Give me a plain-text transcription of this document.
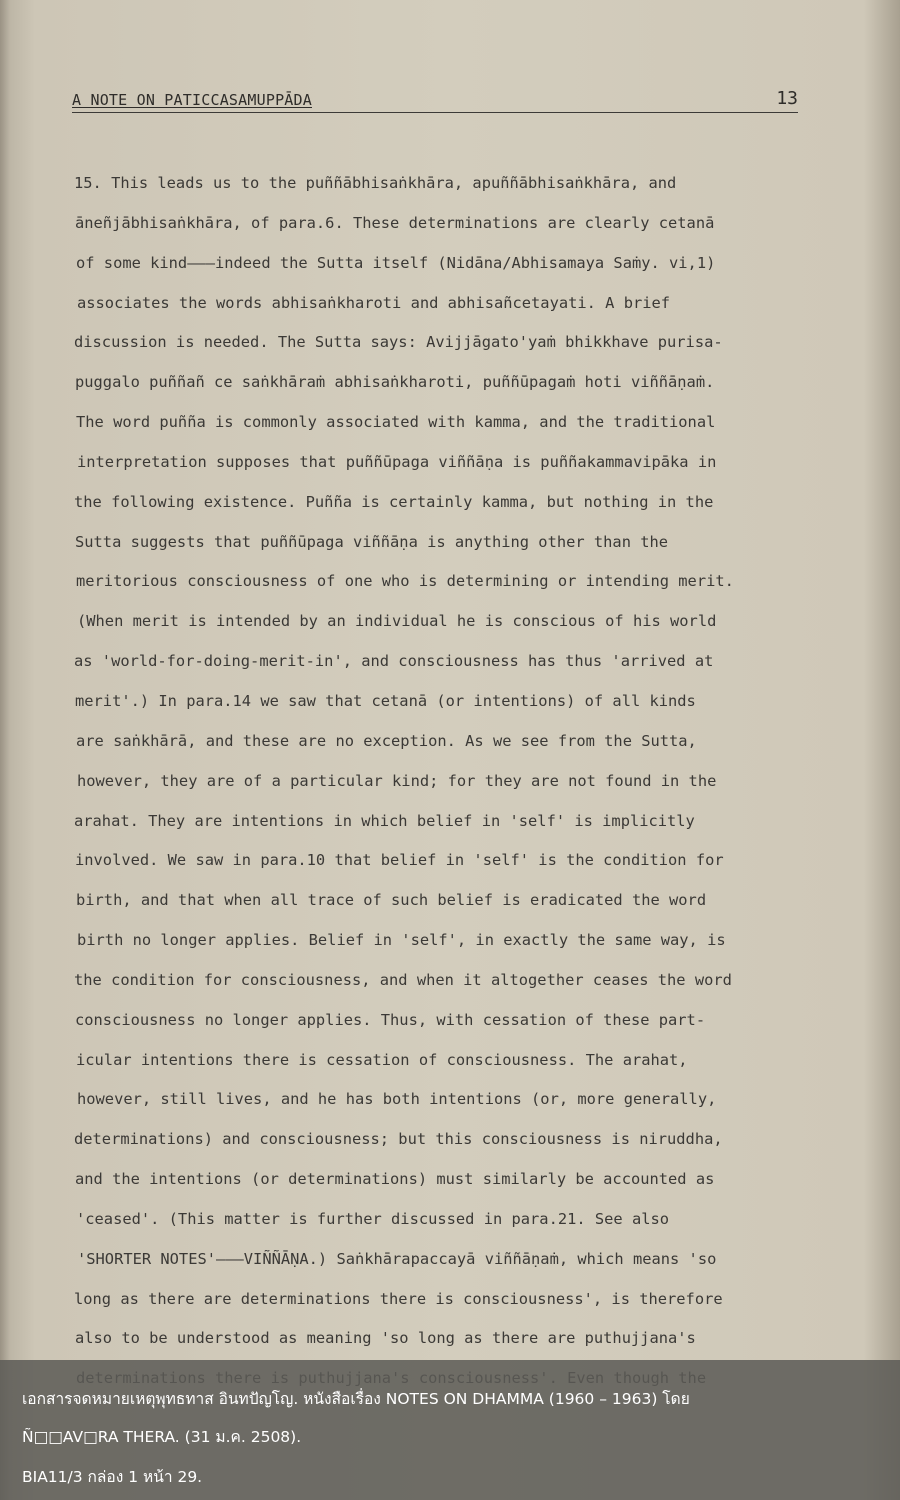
A NOTE ON PATICCASAMUPPĀDA	13
15. This leads us to the puññābhisaṅkhāra, apuññābhisaṅkhāra, and
āneñjābhisaṅkhāra, of para.6. These determinations are clearly cetanā
of some kind———indeed the Sutta itself (Nidāna/Abhisamaya Saṁy. vi,1)
associates the words abhisaṅkharoti and abhisañcetayati. A brief
discussion is needed. The Sutta says: Avijjāgato'yaṁ bhikkhave purisa-
puggalo puññañ ce saṅkhāraṁ abhisaṅkharoti, puññūpagaṁ hoti viññāṇaṁ.
The word puñña is commonly associated with kamma, and the traditional
interpretation supposes that puññūpaga viññāṇa is puññakammavipāka in
the following existence. Puñña is certainly kamma, but nothing in the
Sutta suggests that puññūpaga viññāṇa is anything other than the
meritorious consciousness of one who is determining or intending merit.
(When merit is intended by an individual he is conscious of his world
as 'world-for-doing-merit-in', and consciousness has thus 'arrived at
merit'.) In para.14 we saw that cetanā (or intentions) of all kinds
are saṅkhārā, and these are no exception. As we see from the Sutta,
however, they are of a particular kind; for they are not found in the
arahat. They are intentions in which belief in 'self' is implicitly
involved. We saw in para.10 that belief in 'self' is the condition for
birth, and that when all trace of such belief is eradicated the word
birth no longer applies. Belief in 'self', in exactly the same way, is
the condition for consciousness, and when it altogether ceases the word
consciousness no longer applies. Thus, with cessation of these part-
icular intentions there is cessation of consciousness. The arahat,
however, still lives, and he has both intentions (or, more generally,
determinations) and consciousness; but this consciousness is niruddha,
and the intentions (or determinations) must similarly be accounted as
'ceased'. (This matter is further discussed in para.21. See also
'SHORTER NOTES'———VIÑÑĀṆA.) Saṅkhārapaccayā viññāṇaṁ, which means 'so
long as there are determinations there is consciousness', is therefore
also to be understood as meaning 'so long as there are puthujjana's
เอกสารจดหมายเหตุพุทธทาส อินทปัญโญ. หนังสือเรื่อง NOTES ON DHAMMA (1960 – 1963) โดย
Ñ□□AV□RA THERA. (31 ม.ค. 2508).
BIA11/3 กล่อง 1 หน้า 29.
